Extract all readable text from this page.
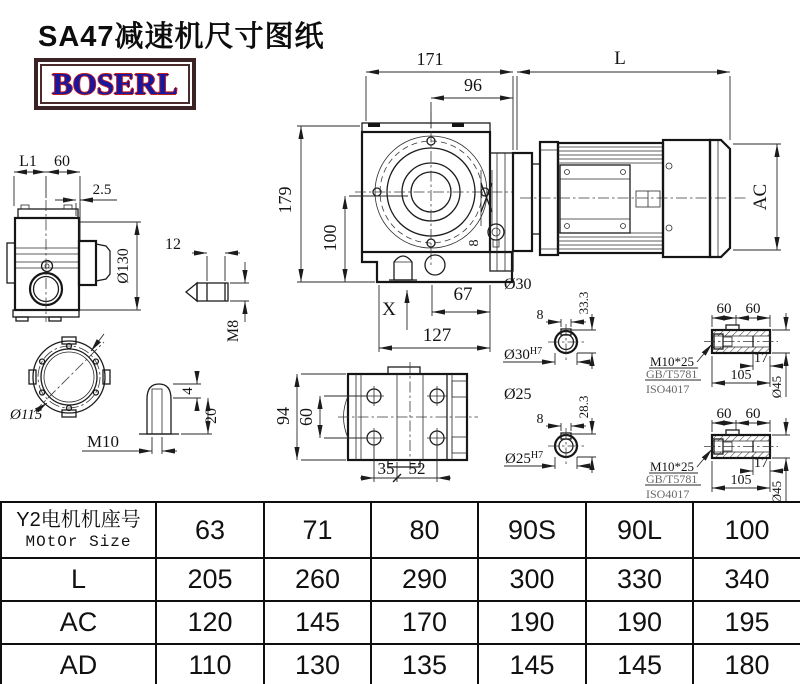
L1 60
2.5
Ø130
12
M8
8
171
96
L
179
100
X
67
127
AC
Ø115
4
20
M10
94 60
35 52
Ø30
8
33.3
$Ø30^{H7}$
Ø25
8
28.3
$Ø25^{H7}$
60 60
17
105
Ø45
M10*25
GB/T5781
ISO4017
SA47减速机尺寸图纸
BOSERL
Y2电机机座号
MOtOr Size	63	71	80	90S	90L	100
L	205	260	290	300	330	340
AC	120	145	170	190	190	195
AD	110	130	135	145	145	180
